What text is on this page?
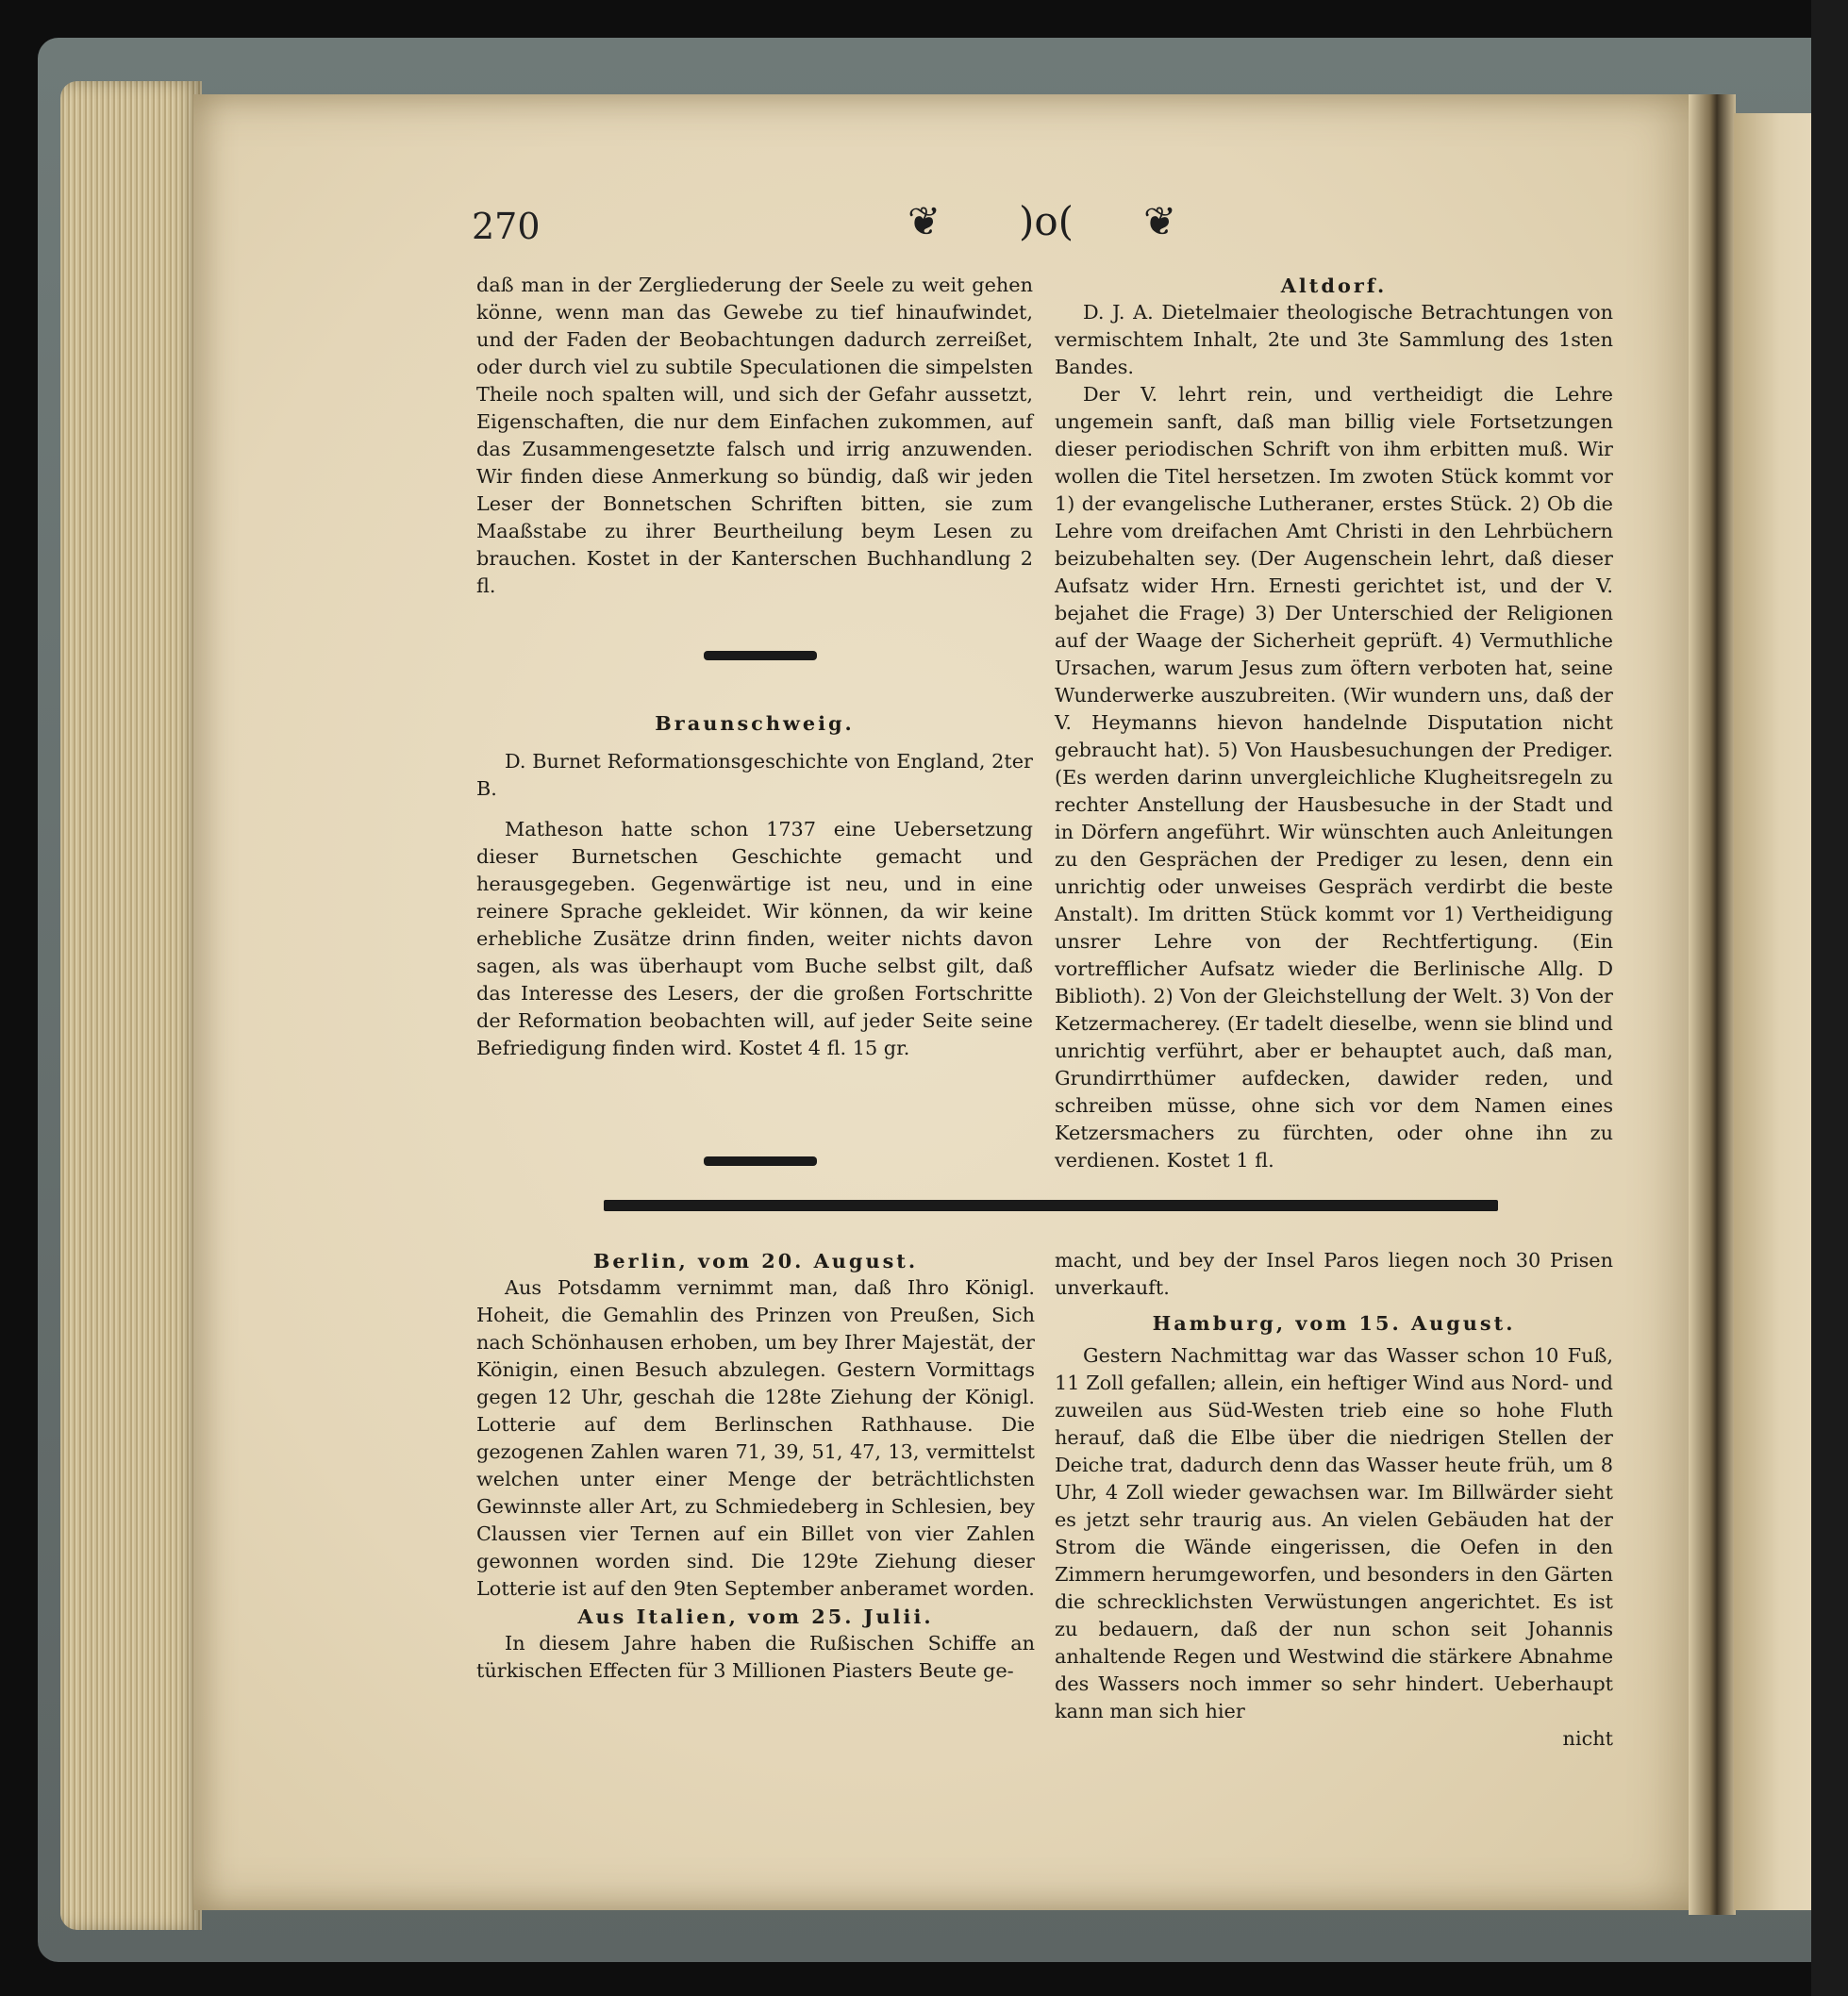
270	❦ )o( ❦

daß man in der Zergliederung der Seele zu weit gehen könne, wenn man das Gewebe zu tief hinaufwindet, und der Faden der Beobachtungen dadurch zerreißet, oder durch viel zu subtile Speculationen die simpelsten Theile noch spalten will, und sich der Gefahr aussetzt, Eigenschaften, die nur dem Einfachen zukommen, auf das Zusammengesetzte falsch und irrig anzuwenden. Wir finden diese Anmerkung so bündig, daß wir jeden Leser der Bonnetschen Schriften bitten, sie zum Maaßstabe zu ihrer Beurtheilung beym Lesen zu brauchen. Kostet in der Kanterschen Buchhandlung 2 fl.

Braunschweig.

D. Burnet Reformationsgeschichte von England, 2ter B.

Matheson hatte schon 1737 eine Uebersetzung dieser Burnetschen Geschichte gemacht und herausgegeben. Gegenwärtige ist neu, und in eine reinere Sprache gekleidet. Wir können, da wir keine erhebliche Zusätze drinn finden, weiter nichts davon sagen, als was überhaupt vom Buche selbst gilt, daß das Interesse des Lesers, der die großen Fortschritte der Reformation beobachten will, auf jeder Seite seine Befriedigung finden wird. Kostet 4 fl. 15 gr.

Altdorf.

D. J. A. Dietelmaier theologische Betrachtungen von vermischtem Inhalt, 2te und 3te Sammlung des 1sten Bandes.

Der V. lehrt rein, und vertheidigt die Lehre ungemein sanft, daß man billig viele Fortsetzungen dieser periodischen Schrift von ihm erbitten muß. Wir wollen die Titel hersetzen. Im zwoten Stück kommt vor 1) der evangelische Lutheraner, erstes Stück. 2) Ob die Lehre vom dreifachen Amt Christi in den Lehrbüchern beizubehalten sey. (Der Augenschein lehrt, daß dieser Aufsatz wider Hrn. Ernesti gerichtet ist, und der V. bejahet die Frage) 3) Der Unterschied der Religionen auf der Waage der Sicherheit geprüft. 4) Vermuthliche Ursachen, warum Jesus zum öftern verboten hat, seine Wunderwerke auszubreiten. (Wir wundern uns, daß der V. Heymanns hievon handelnde Disputation nicht gebraucht hat). 5) Von Hausbesuchungen der Prediger. (Es werden darinn unvergleichliche Klugheitsregeln zu rechter Anstellung der Hausbesuche in der Stadt und in Dörfern angeführt. Wir wünschten auch Anleitungen zu den Gesprächen der Prediger zu lesen, denn ein unrichtig oder unweises Gespräch verdirbt die beste Anstalt). Im dritten Stück kommt vor 1) Vertheidigung unsrer Lehre von der Rechtfertigung. (Ein vortrefflicher Aufsatz wieder die Berlinische Allg. D Biblioth). 2) Von der Gleichstellung der Welt. 3) Von der Ketzermacherey. (Er tadelt dieselbe, wenn sie blind und unrichtig verführt, aber er behauptet auch, daß man, Grundirrthümer aufdecken, dawider reden, und schreiben müsse, ohne sich vor dem Namen eines Ketzersmachers zu fürchten, oder ohne ihn zu verdienen. Kostet 1 fl.

Berlin, vom 20. August.

Aus Potsdamm vernimmt man, daß Ihro Königl. Hoheit, die Gemahlin des Prinzen von Preußen, Sich nach Schönhausen erhoben, um bey Ihrer Majestät, der Königin, einen Besuch abzulegen. Gestern Vormittags gegen 12 Uhr, geschah die 128te Ziehung der Königl. Lotterie auf dem Berlinschen Rathhause. Die gezogenen Zahlen waren 71, 39, 51, 47, 13, vermittelst welchen unter einer Menge der beträchtlichsten Gewinnste aller Art, zu Schmiedeberg in Schlesien, bey Claussen vier Ternen auf ein Billet von vier Zahlen gewonnen worden sind. Die 129te Ziehung dieser Lotterie ist auf den 9ten September anberamet worden.

Aus Italien, vom 25. Julii.

In diesem Jahre haben die Rußischen Schiffe an türkischen Effecten für 3 Millionen Piasters Beute ge-

macht, und bey der Insel Paros liegen noch 30 Prisen unverkauft.

Hamburg, vom 15. August.

Gestern Nachmittag war das Wasser schon 10 Fuß, 11 Zoll gefallen; allein, ein heftiger Wind aus Nord- und zuweilen aus Süd-Westen trieb eine so hohe Fluth herauf, daß die Elbe über die niedrigen Stellen der Deiche trat, dadurch denn das Wasser heute früh, um 8 Uhr, 4 Zoll wieder gewachsen war. Im Billwärder sieht es jetzt sehr traurig aus. An vielen Gebäuden hat der Strom die Wände eingerissen, die Oefen in den Zimmern herumgeworfen, und besonders in den Gärten die schrecklichsten Verwüstungen angerichtet. Es ist zu bedauern, daß der nun schon seit Johannis anhaltende Regen und Westwind die stärkere Abnahme des Wassers noch immer so sehr hindert. Ueberhaupt kann man sich hier

nicht
